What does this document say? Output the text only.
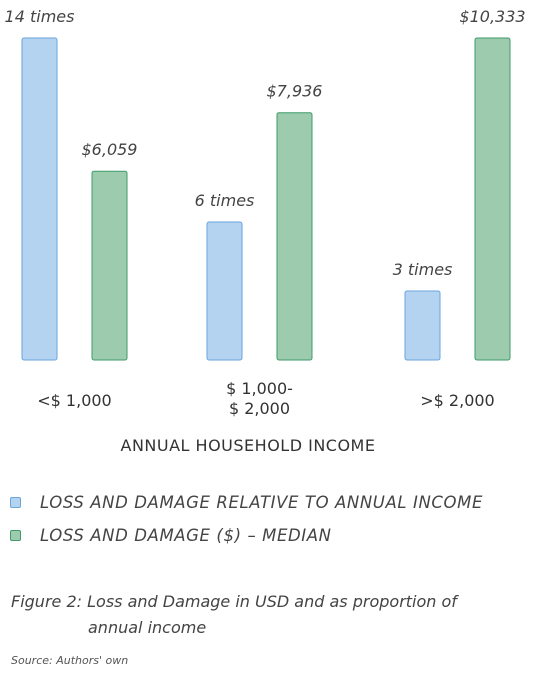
14 times
6 times
3 times
$6,059
$7,936
$10,333
<$ 1,000
$ 1,000-
$ 2,000	>$ 2,000
ANNUAL HOUSEHOLD INCOME
LOSS AND DAMAGE RELATIVE TO ANNUAL INCOME
LOSS AND DAMAGE ($) – MEDIAN
Figure 2: Loss and Damage in USD and as proportion of
annual income
Source: Authors' own
